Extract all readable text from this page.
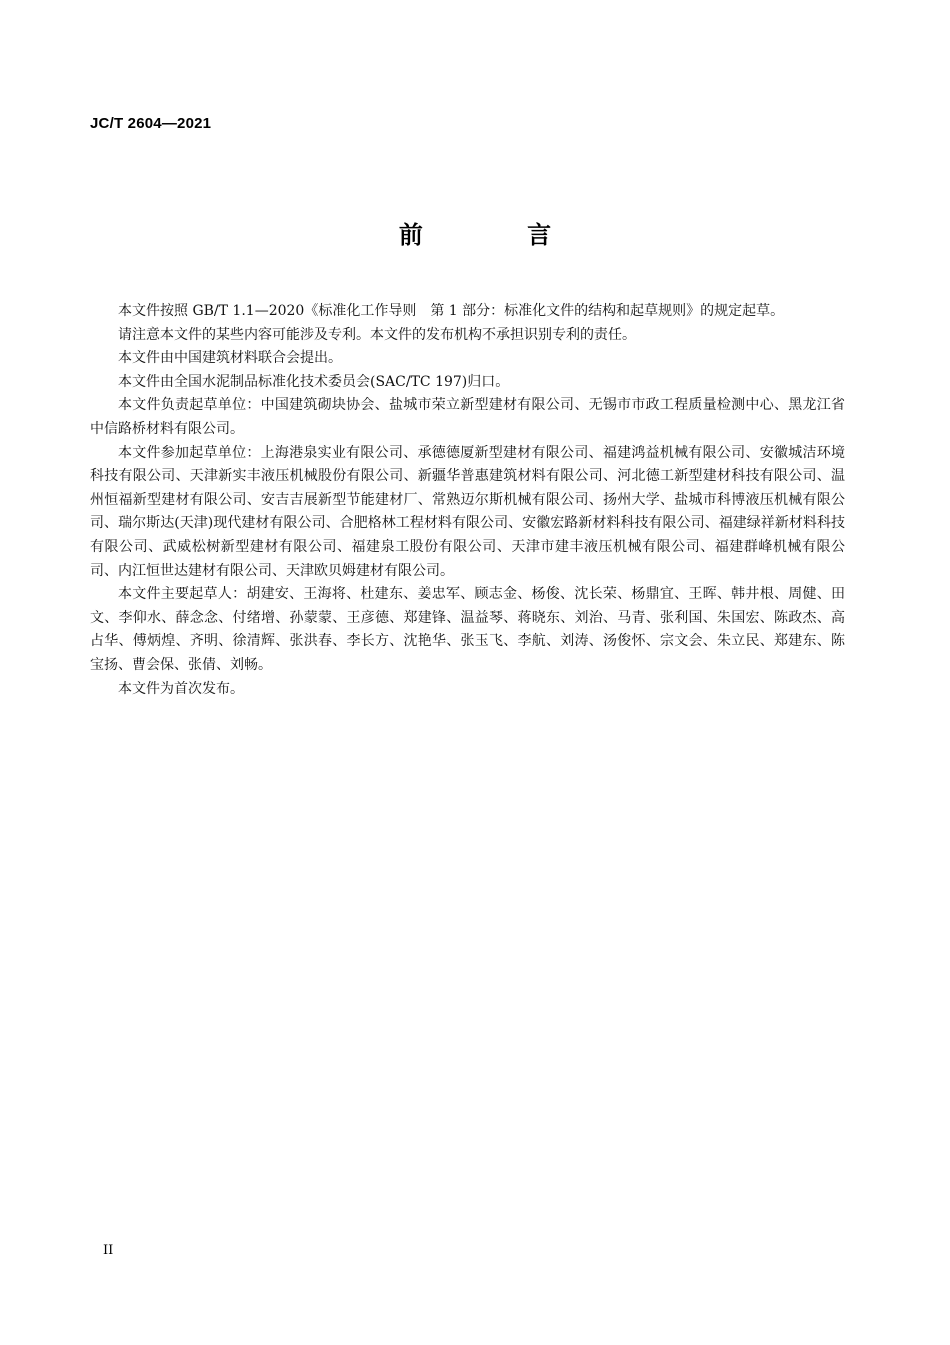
JC/T 2604—2021
前 言

本文件按照 GB/T 1.1—2020《标准化工作导则　第 1 部分：标准化文件的结构和起草规则》的规定起草。

请注意本文件的某些内容可能涉及专利。本文件的发布机构不承担识别专利的责任。

本文件由中国建筑材料联合会提出。

本文件由全国水泥制品标准化技术委员会(SAC/TC 197)归口。

本文件负责起草单位：中国建筑砌块协会、盐城市荣立新型建材有限公司、无锡市市政工程质量检测中心、黑龙江省中信路桥材料有限公司。

本文件参加起草单位：上海港泉实业有限公司、承德德厦新型建材有限公司、福建鸿益机械有限公司、安徽城洁环境科技有限公司、天津新实丰液压机械股份有限公司、新疆华普惠建筑材料有限公司、河北德工新型建材科技有限公司、温州恒福新型建材有限公司、安吉吉展新型节能建材厂、常熟迈尔斯机械有限公司、扬州大学、盐城市科博液压机械有限公司、瑞尔斯达(天津)现代建材有限公司、合肥格林工程材料有限公司、安徽宏路新材料科技有限公司、福建绿祥新材料科技有限公司、武威松树新型建材有限公司、福建泉工股份有限公司、天津市建丰液压机械有限公司、福建群峰机械有限公司、内江恒世达建材有限公司、天津欧贝姆建材有限公司。

本文件主要起草人：胡建安、王海将、杜建东、姜忠军、顾志金、杨俊、沈长荣、杨鼎宜、王晖、韩井根、周健、田文、李仰水、薛念念、付绪增、孙蒙蒙、王彦德、郑建锋、温益琴、蒋晓东、刘治、马青、张利国、朱国宏、陈政杰、高占华、傅炳煌、齐明、徐清辉、张洪春、李长方、沈艳华、张玉飞、李航、刘涛、汤俊怀、宗文会、朱立民、郑建东、陈宝扬、曹会保、张倩、刘畅。

本文件为首次发布。

II
